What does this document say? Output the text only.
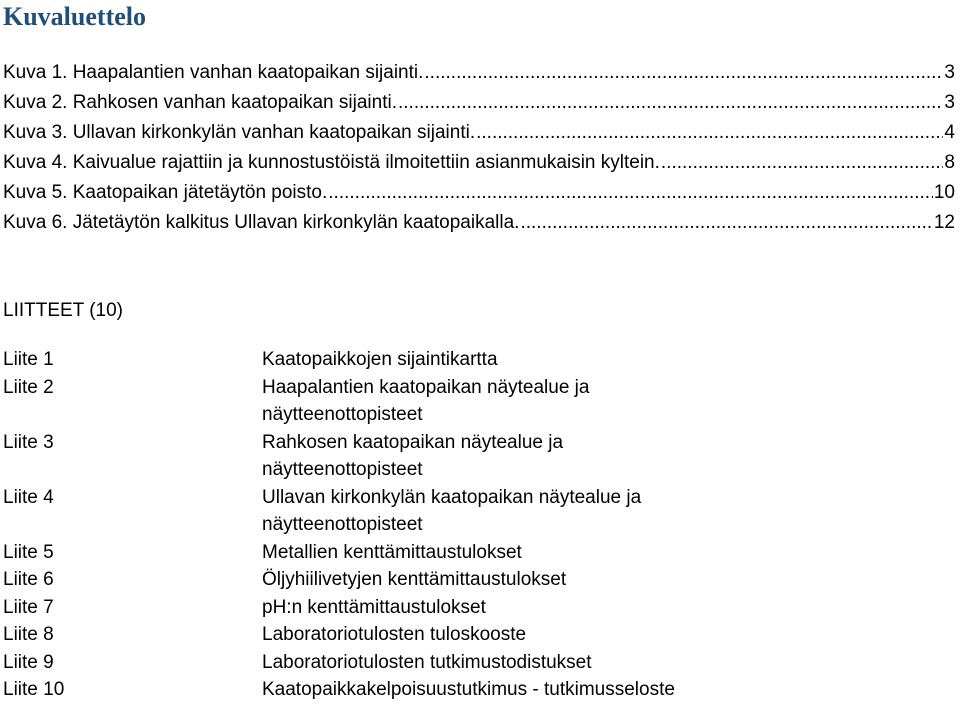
Kuvaluettelo
Kuva 1. Haapalantien vanhan kaatopaikan sijainti. .....	3
Kuva 2. Rahkosen vanhan kaatopaikan sijainti. .....	3
Kuva 3. Ullavan kirkonkylän vanhan kaatopaikan sijainti. .....	4
Kuva 4. Kaivualue rajattiin ja kunnostustöistä ilmoitettiin asianmukaisin kyltein. .....	8
Kuva 5. Kaatopaikan jätetäytön poisto. .....	10
Kuva 6. Jätetäytön kalkitus Ullavan kirkonkylän kaatopaikalla. .....	12
LIITTEET (10)
Liite 1	Kaatopaikkojen sijaintikartta
Liite 2	Haapalantien kaatopaikan näytealue ja
näytteenottopisteet
Liite 3	Rahkosen kaatopaikan näytealue ja
näytteenottopisteet
Liite 4	Ullavan kirkonkylän kaatopaikan näytealue ja
näytteenottopisteet
Liite 5	Metallien kenttämittaustulokset
Liite 6	Öljyhiilivetyjen kenttämittaustulokset
Liite 7	pH:n kenttämittaustulokset
Liite 8	Laboratoriotulosten tuloskooste
Liite 9	Laboratoriotulosten tutkimustodistukset
Liite 10	Kaatopaikkakelpoisuustutkimus - tutkimusseloste
